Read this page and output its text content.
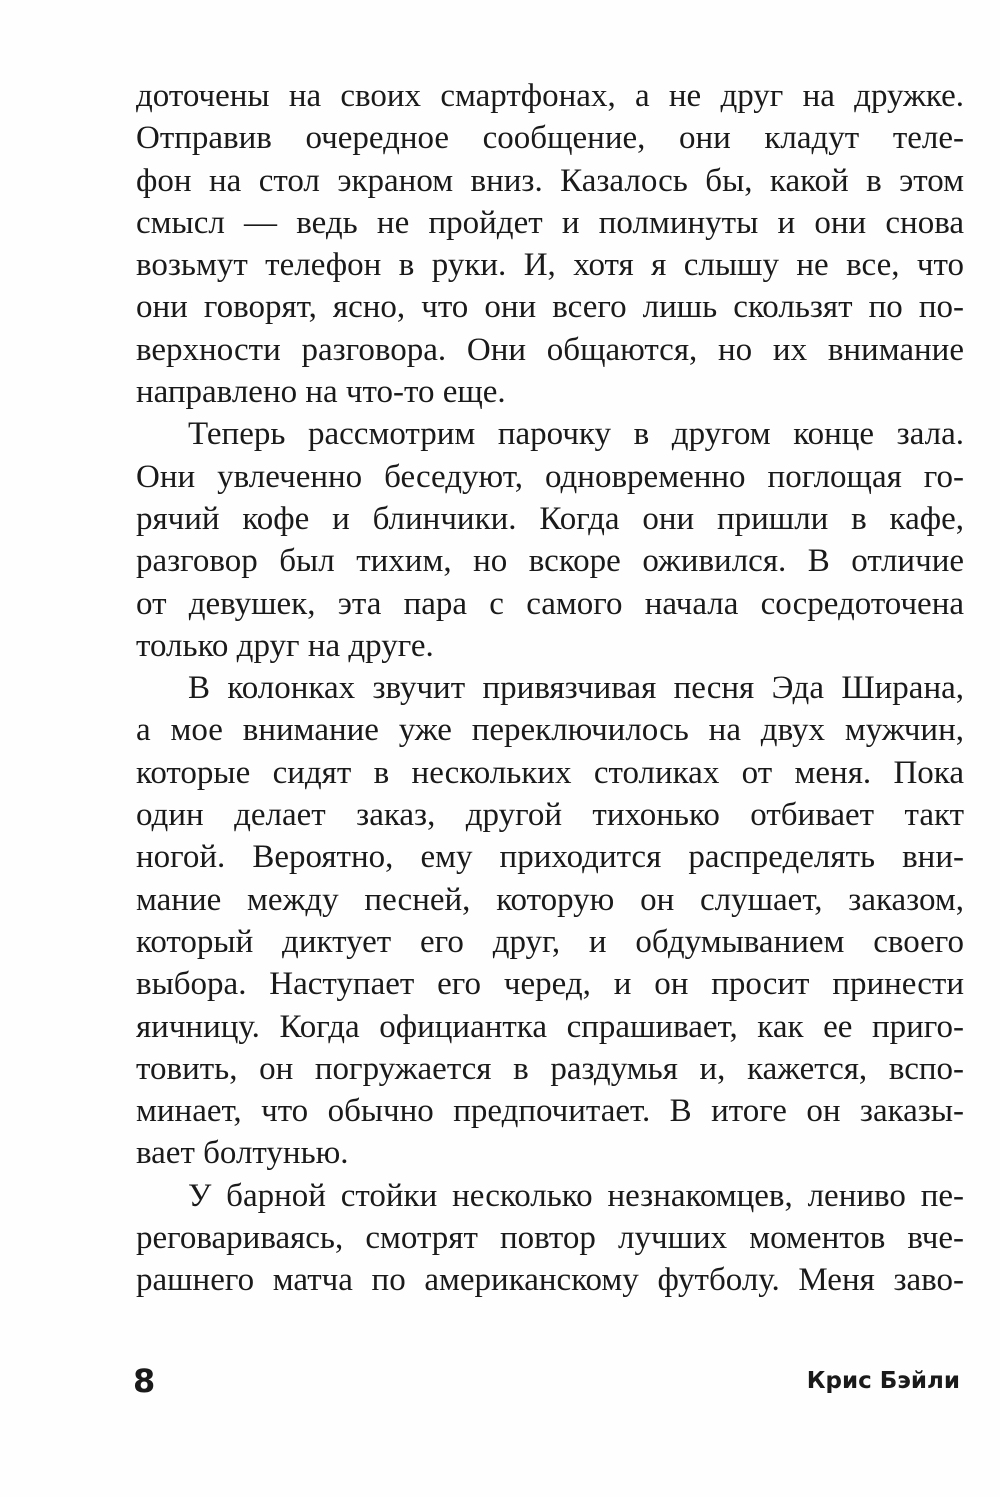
доточены на своих смартфонах, а не друг на дружке.
Отправив очередное сообщение, они кладут теле-
фон на стол экраном вниз. Казалось бы, какой в этом
смысл — ведь не пройдет и полминуты и они снова
возьмут телефон в руки. И, хотя я слышу не все, что
они говорят, ясно, что они всего лишь скользят по по-
верхности разговора. Они общаются, но их внимание
направлено на что-то еще.
Теперь рассмотрим парочку в другом конце зала.
Они увлеченно беседуют, одновременно поглощая го-
рячий кофе и блинчики. Когда они пришли в кафе,
разговор был тихим, но вскоре оживился. В отличие
от девушек, эта пара с самого начала сосредоточена
только друг на друге.
В колонках звучит привязчивая песня Эда Ширана,
а мое внимание уже переключилось на двух мужчин,
которые сидят в нескольких столиках от меня. Пока
один делает заказ, другой тихонько отбивает такт
ногой. Вероятно, ему приходится распределять вни-
мание между песней, которую он слушает, заказом,
который диктует его друг, и обдумыванием своего
выбора. Наступает его черед, и он просит принести
яичницу. Когда официантка спрашивает, как ее приго-
товить, он погружается в раздумья и, кажется, вспо-
минает, что обычно предпочитает. В итоге он заказы-
вает болтунью.
У барной стойки несколько незнакомцев, лениво пе-
реговариваясь, смотрят повтор лучших моментов вче-
рашнего матча по американскому футболу. Меня заво-
8	Крис Бэйли
